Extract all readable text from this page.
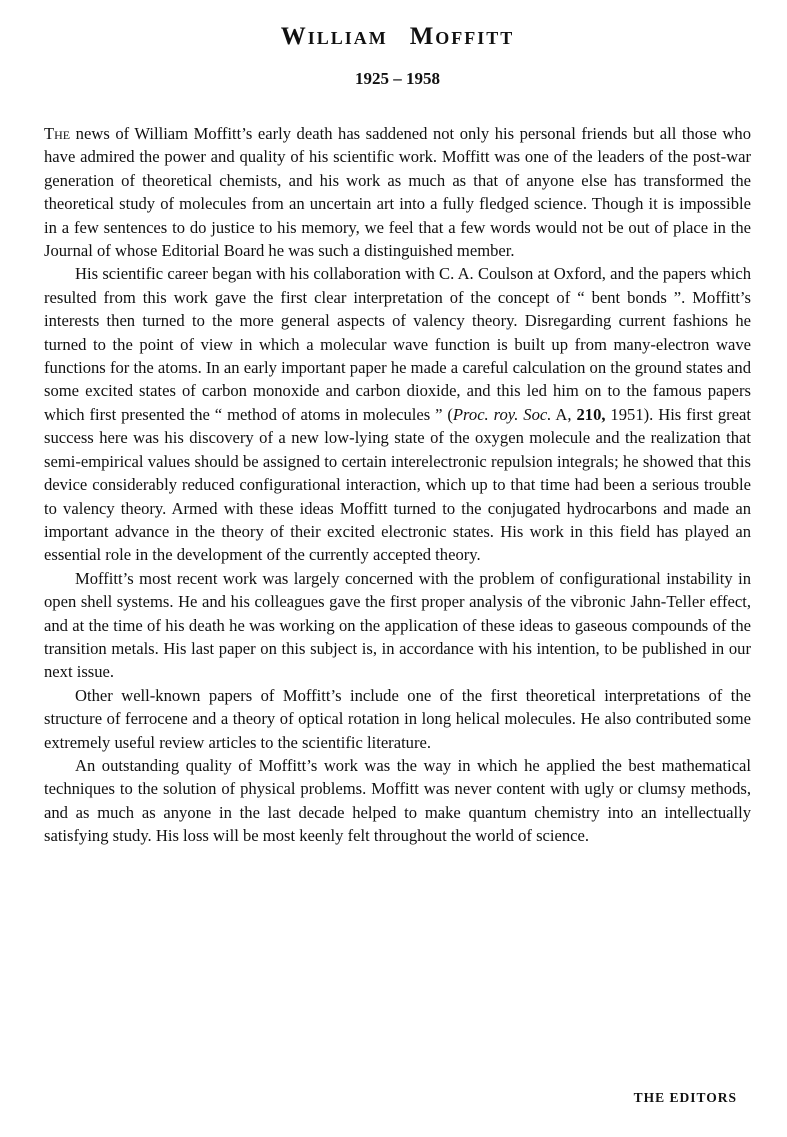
William Moffitt
1925 – 1958

The news of William Moffitt’s early death has saddened not only his personal friends but all those who have admired the power and quality of his scientific work. Moffitt was one of the leaders of the post-war generation of theoretical chemists, and his work as much as that of anyone else has transformed the theoretical study of molecules from an uncertain art into a fully fledged science. Though it is impossible in a few sentences to do justice to his memory, we feel that a few words would not be out of place in the Journal of whose Editorial Board he was such a distinguished member.

His scientific career began with his collaboration with C. A. Coulson at Oxford, and the papers which resulted from this work gave the first clear interpretation of the concept of “ bent bonds ”. Moffitt’s interests then turned to the more general aspects of valency theory. Disregarding current fashions he turned to the point of view in which a molecular wave function is built up from many-electron wave functions for the atoms. In an early important paper he made a careful calculation on the ground states and some excited states of carbon monoxide and carbon dioxide, and this led him on to the famous papers which first presented the “ method of atoms in molecules ” (Proc. roy. Soc. A, 210, 1951). His first great success here was his discovery of a new low-lying state of the oxygen molecule and the realization that semi-empirical values should be assigned to certain interelectronic repulsion integrals; he showed that this device considerably reduced configurational interaction, which up to that time had been a serious trouble to valency theory. Armed with these ideas Moffitt turned to the conjugated hydrocarbons and made an important advance in the theory of their excited electronic states. His work in this field has played an essential role in the development of the currently accepted theory.

Moffitt’s most recent work was largely concerned with the problem of configurational instability in open shell systems. He and his colleagues gave the first proper analysis of the vibronic Jahn-Teller effect, and at the time of his death he was working on the application of these ideas to gaseous compounds of the transition metals. His last paper on this subject is, in accordance with his intention, to be published in our next issue.

Other well-known papers of Moffitt’s include one of the first theoretical interpretations of the structure of ferrocene and a theory of optical rotation in long helical molecules. He also contributed some extremely useful review articles to the scientific literature.

An outstanding quality of Moffitt’s work was the way in which he applied the best mathematical techniques to the solution of physical problems. Moffitt was never content with ugly or clumsy methods, and as much as anyone in the last decade helped to make quantum chemistry into an intellectually satisfying study. His loss will be most keenly felt throughout the world of science.

THE EDITORS
